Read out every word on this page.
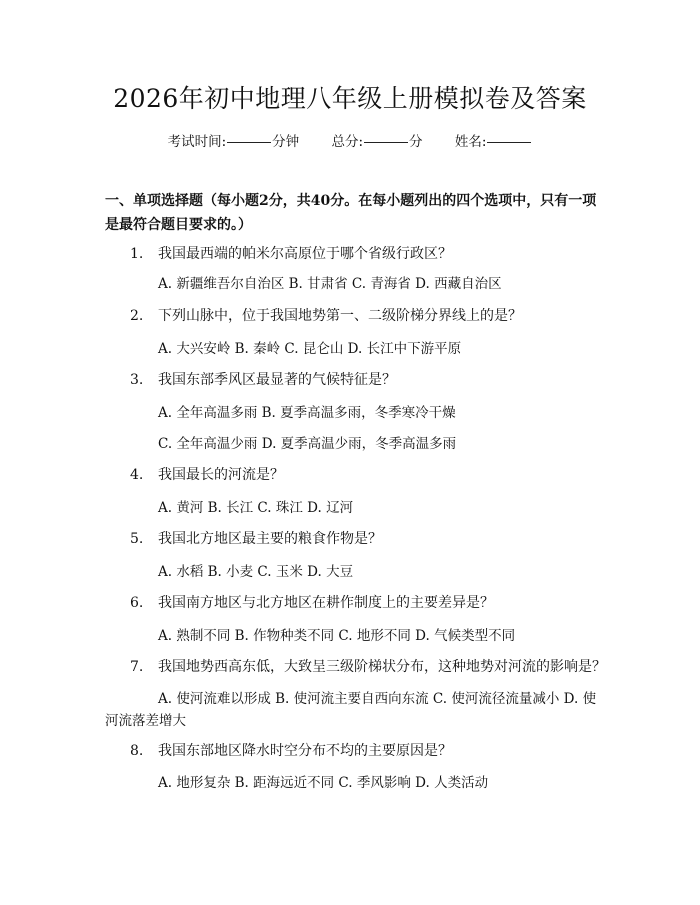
2026年初中地理八年级上册模拟卷及答案
考试时间:	分钟 总分:	分 姓名:
一、单项选择题（每小题2分，共40分。在每小题列出的四个选项中，只有一项是最符合题目要求的。）
1. 我国最西端的帕米尔高原位于哪个省级行政区？
A. 新疆维吾尔自治区 B. 甘肃省 C. 青海省 D. 西藏自治区
2. 下列山脉中，位于我国地势第一、二级阶梯分界线上的是？
A. 大兴安岭 B. 秦岭 C. 昆仑山 D. 长江中下游平原
3. 我国东部季风区最显著的气候特征是？
A. 全年高温多雨 B. 夏季高温多雨，冬季寒冷干燥
C. 全年高温少雨 D. 夏季高温少雨，冬季高温多雨
4. 我国最长的河流是？
A. 黄河 B. 长江 C. 珠江 D. 辽河
5. 我国北方地区最主要的粮食作物是？
A. 水稻 B. 小麦 C. 玉米 D. 大豆
6. 我国南方地区与北方地区在耕作制度上的主要差异是？
A. 熟制不同 B. 作物种类不同 C. 地形不同 D. 气候类型不同
7. 我国地势西高东低，大致呈三级阶梯状分布，这种地势对河流的影响是？
A. 使河流难以形成 B. 使河流主要自西向东流 C. 使河流径流量减小 D. 使河流落差增大
8. 我国东部地区降水时空分布不均的主要原因是？
A. 地形复杂 B. 距海远近不同 C. 季风影响 D. 人类活动
